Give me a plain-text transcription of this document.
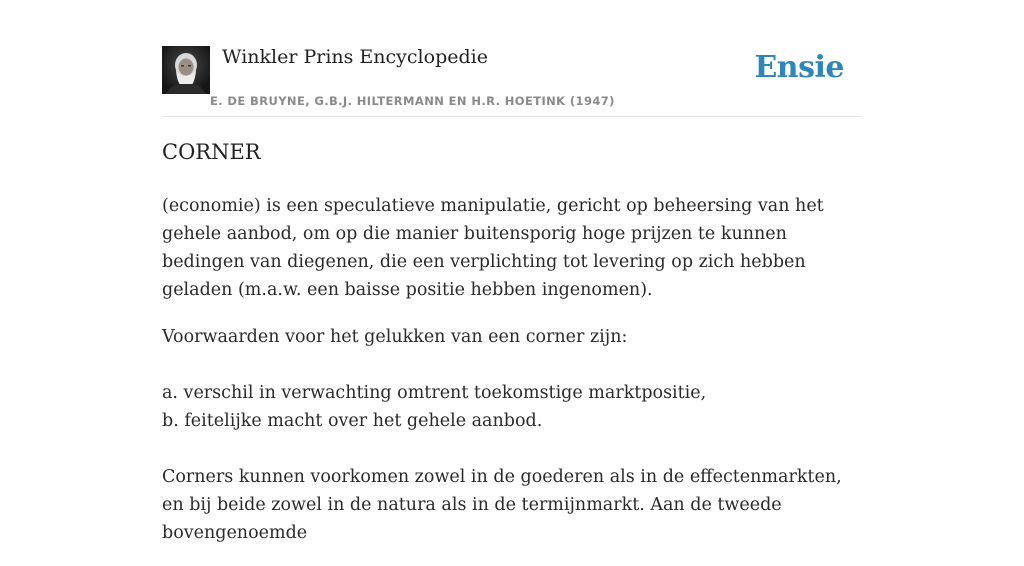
Winkler Prins Encyclopedie
E. DE BRUYNE, G.B.J. HILTERMANN EN H.R. HOETINK (1947)
Ensie
CORNER

(economie) is een speculatieve manipulatie, gericht op beheersing van het gehele aanbod, om op die manier buitensporig hoge prijzen te kunnen bedingen van diegenen, die een verplichting tot levering op zich hebben geladen (m.a.w. een baisse positie hebben ingenomen).

Voorwaarden voor het gelukken van een corner zijn:
a. verschil in verwachting omtrent toekomstige marktpositie,
b. feitelijke macht over het gehele aanbod.
Corners kunnen voorkomen zowel in de goederen als in de effectenmarkten, en bij beide zowel in de natura als in de termijnmarkt. Aan de tweede bovengenoemde
